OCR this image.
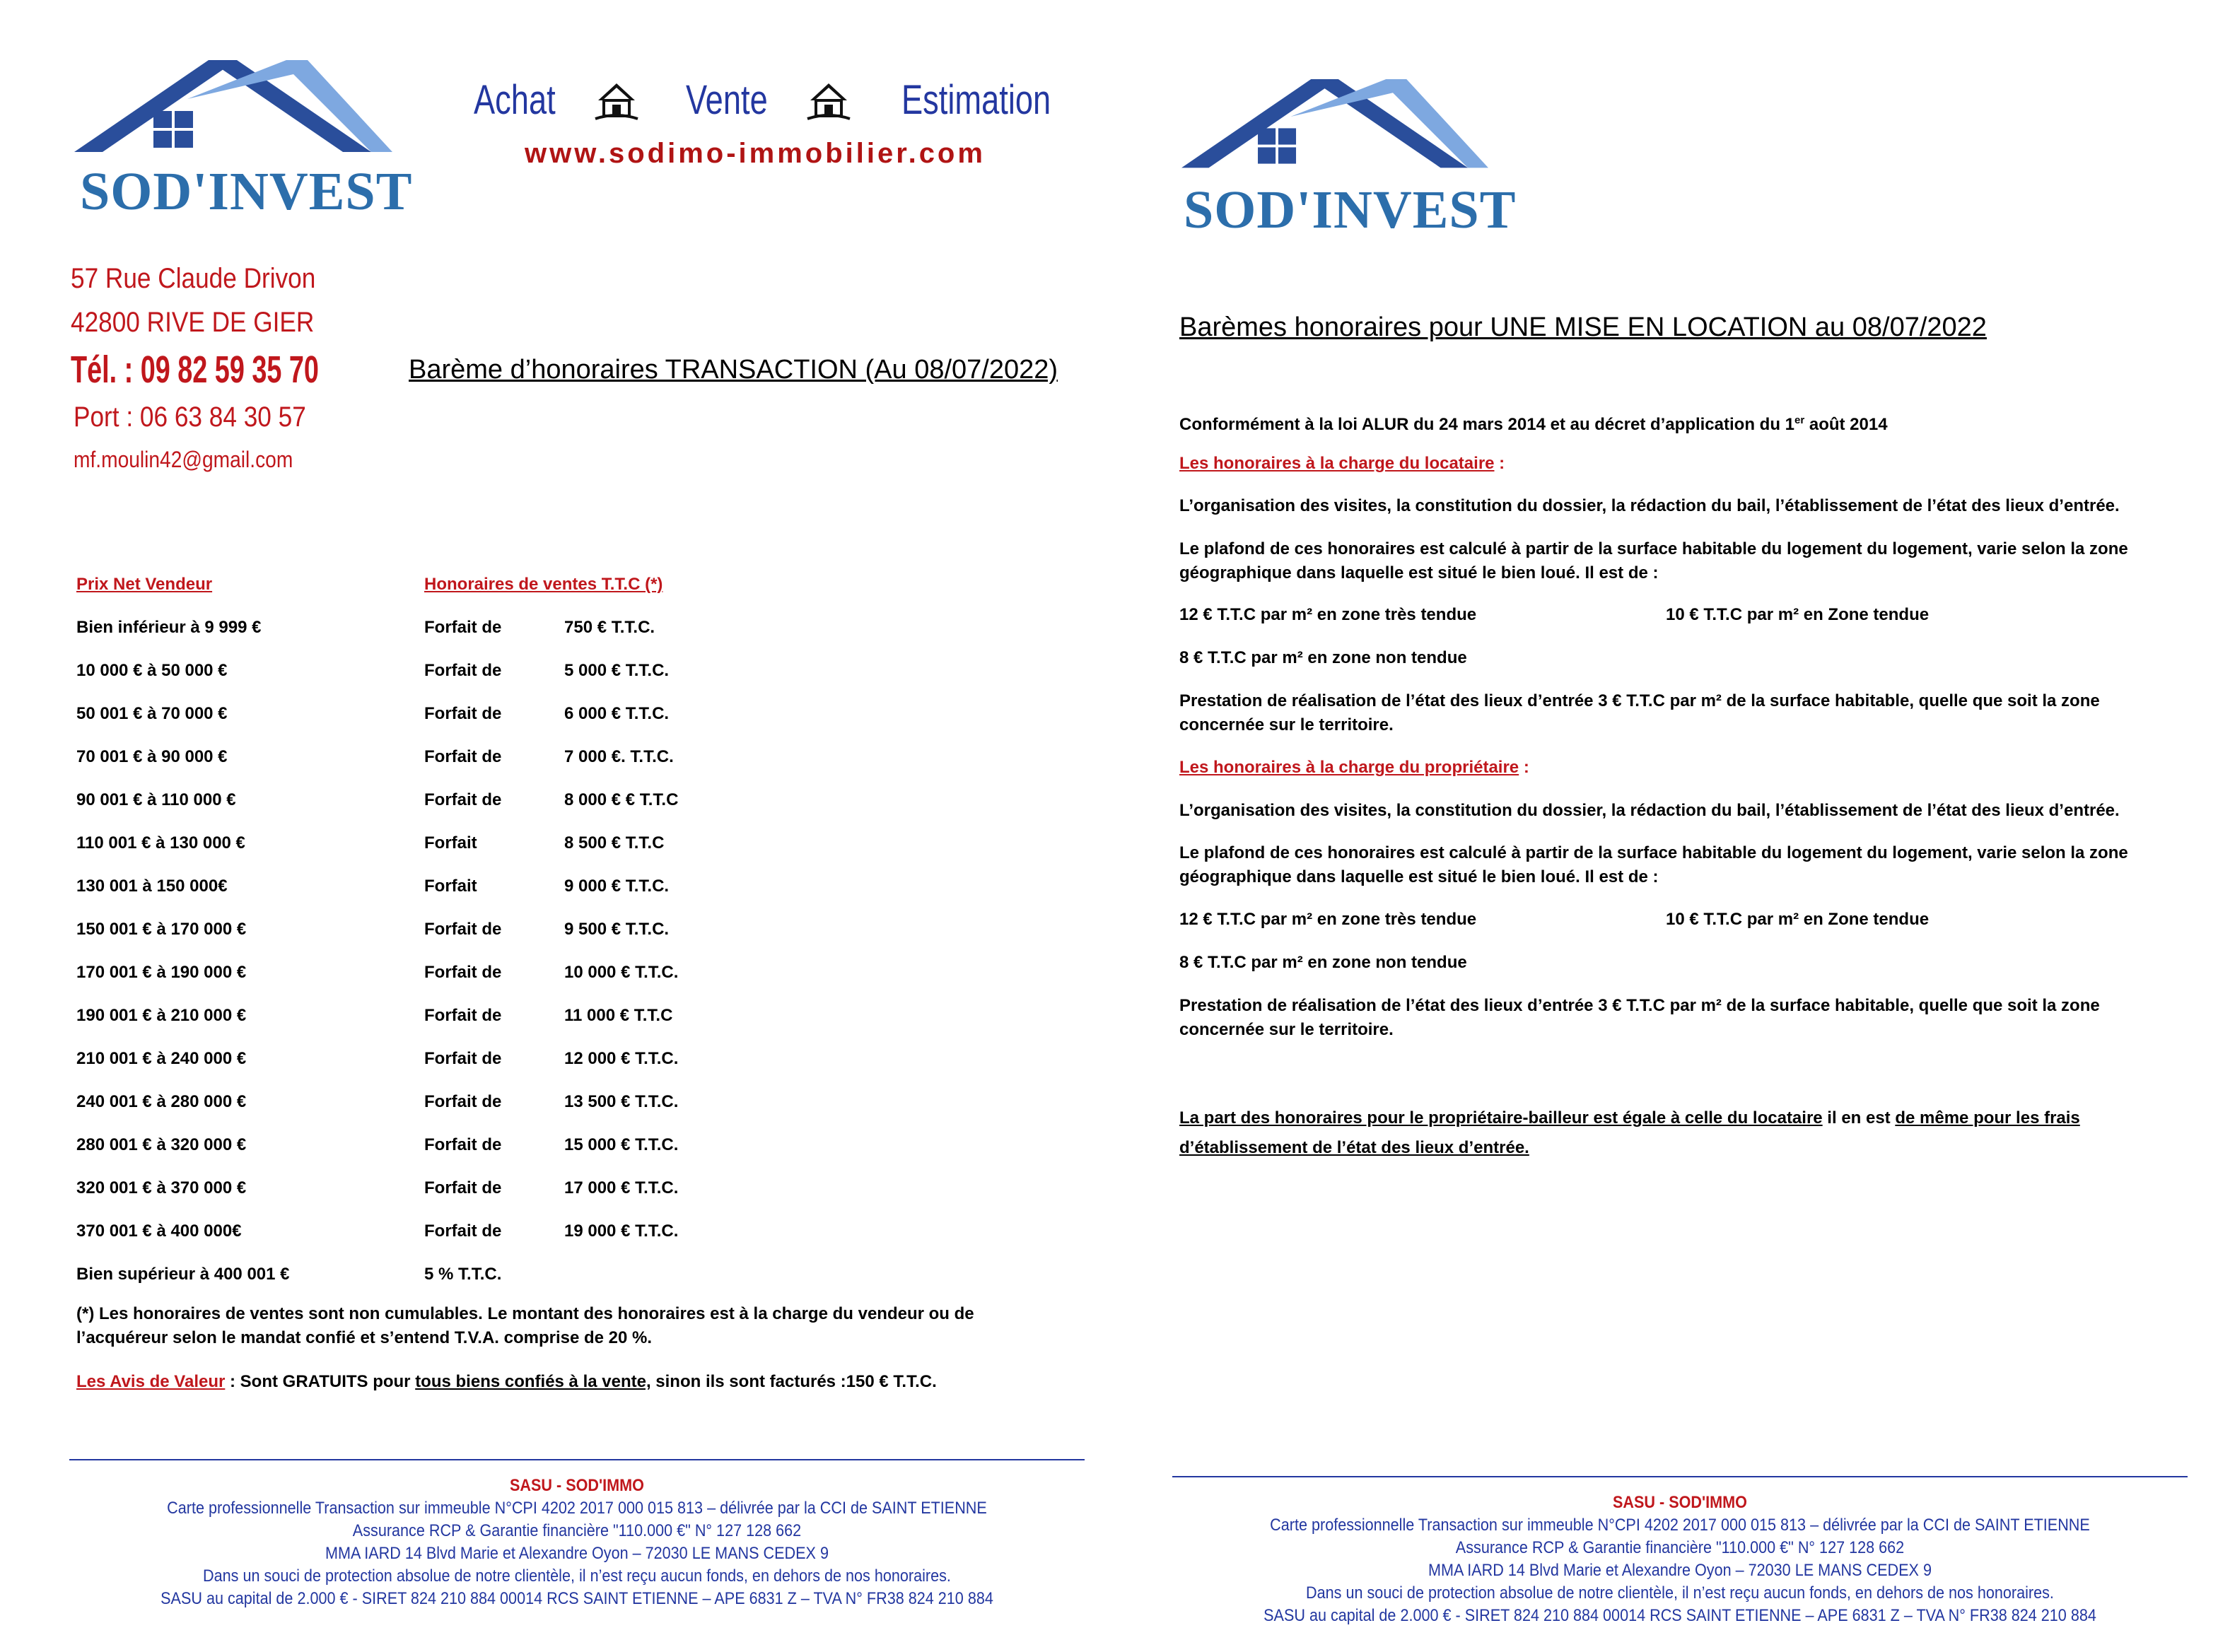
SOD'INVEST
Achat	Vente	Estimation
www.sodimo-immobilier.com
57 Rue Claude Drivon
42800 RIVE DE GIER
Tél. : 09 82 59 35 70
Port : 06 63 84 30 57
mf.moulin42@gmail.com
Barème d’honoraires TRANSACTION (Au 08/07/2022)
Prix Net Vendeur	Honoraires de ventes T.T.C (*)
Bien inférieur à 9 999 €	Forfait de	750 € T.T.C.
10 000 € à 50 000 €	Forfait de	5 000 € T.T.C.
50 001 € à 70 000 €	Forfait de	6 000 € T.T.C.
70 001 € à 90 000 €	Forfait de	7 000 €. T.T.C.
90 001 € à 110 000 €	Forfait de	8 000 € € T.T.C
110 001 € à 130 000 €	Forfait	8 500 € T.T.C
130 001 à 150 000€	Forfait	9 000 € T.T.C.
150 001 € à 170 000 €	Forfait de	9 500 € T.T.C.
170 001 € à 190 000 €	Forfait de	10 000 € T.T.C.
190 001 € à 210 000 €	Forfait de	11 000 € T.T.C
210 001 € à 240 000 €	Forfait de	12 000 € T.T.C.
240 001 € à 280 000 €	Forfait de	13 500 € T.T.C.
280 001 € à 320 000 €	Forfait de	15 000 € T.T.C.
320 001 € à 370 000 €	Forfait de	17 000 € T.T.C.
370 001 € à 400 000€	Forfait de	19 000 € T.T.C.
Bien supérieur à 400 001 €	5 % T.T.C.
(*) Les honoraires de ventes sont non cumulables. Le montant des honoraires est à la charge du vendeur ou de l’acquéreur selon le mandat confié et s’entend T.V.A. comprise de 20 %.
Les Avis de Valeur : Sont GRATUITS pour tous biens confiés à la vente, sinon ils sont facturés :150 € T.T.C.
SASU - SOD'IMMO
Carte professionnelle Transaction sur immeuble N°CPI 4202 2017 000 015 813 – délivrée par la CCI de SAINT ETIENNE
Assurance RCP & Garantie financière "110.000 €" N° 127 128 662
MMA IARD 14 Blvd Marie et Alexandre Oyon – 72030 LE MANS CEDEX 9
Dans un souci de protection absolue de notre clientèle, il n’est reçu aucun fonds, en dehors de nos honoraires.
SASU au capital de 2.000 € - SIRET 824 210 884 00014 RCS SAINT ETIENNE – APE 6831 Z – TVA N° FR38 824 210 884
SOD'INVEST
Barèmes honoraires pour UNE MISE EN LOCATION au 08/07/2022
Conformément à la loi ALUR du 24 mars 2014 et au décret d’application du 1er août 2014
Les honoraires à la charge du locataire :
L’organisation des visites, la constitution du dossier, la rédaction du bail, l’établissement de l’état des lieux d’entrée.
Le plafond de ces honoraires est calculé à partir de la surface habitable du logement du logement, varie selon la zone géographique dans laquelle est situé le bien loué. Il est de :
12 € T.T.C par m² en zone très tendue	10 € T.T.C par m² en Zone tendue
8 € T.T.C par m² en zone non tendue
Prestation de réalisation de l’état des lieux d’entrée 3 € T.T.C par m² de la surface habitable, quelle que soit la zone concernée sur le territoire.
Les honoraires à la charge du propriétaire :
L’organisation des visites, la constitution du dossier, la rédaction du bail, l’établissement de l’état des lieux d’entrée.
Le plafond de ces honoraires est calculé à partir de la surface habitable du logement du logement, varie selon la zone géographique dans laquelle est situé le bien loué. Il est de :
12 € T.T.C par m² en zone très tendue	10 € T.T.C par m² en Zone tendue
8 € T.T.C par m² en zone non tendue
Prestation de réalisation de l’état des lieux d’entrée 3 € T.T.C par m² de la surface habitable, quelle que soit la zone concernée sur le territoire.
La part des honoraires pour le propriétaire-bailleur est égale à celle du locataire il en est de même pour les frais
d’établissement de l’état des lieux d’entrée.
SASU - SOD'IMMO
Carte professionnelle Transaction sur immeuble N°CPI 4202 2017 000 015 813 – délivrée par la CCI de SAINT ETIENNE
Assurance RCP & Garantie financière "110.000 €" N° 127 128 662
MMA IARD 14 Blvd Marie et Alexandre Oyon – 72030 LE MANS CEDEX 9
Dans un souci de protection absolue de notre clientèle, il n’est reçu aucun fonds, en dehors de nos honoraires.
SASU au capital de 2.000 € - SIRET 824 210 884 00014 RCS SAINT ETIENNE – APE 6831 Z – TVA N° FR38 824 210 884
